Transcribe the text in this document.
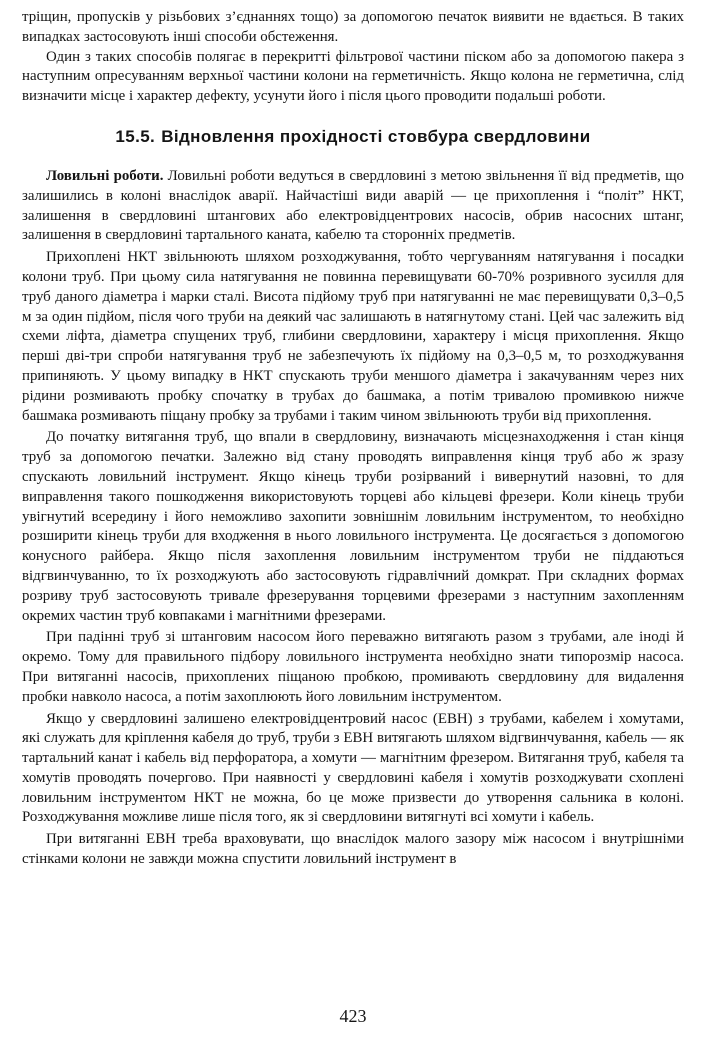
тріщин, пропусків у різьбових з’єднаннях тощо) за допомогою печаток виявити не вдається. В таких випадках застосовують інші способи обстеження.

Один з таких способів полягає в перекритті фільтрової частини піском або за допомогою пакера з наступним опресуванням верхньої частини колони на герметичність. Якщо колона не герметична, слід визначити місце і характер дефекту, усунути його і після цього проводити подальші роботи.

15.5. Відновлення прохідності стовбура свердловини

Ловильні роботи. Ловильні роботи ведуться в свердловині з метою звільнення її від предметів, що залишились в колоні внаслідок аварії. Найчастіші види аварій — це прихоплення і “політ” НКТ, залишення в свердловині штангових або електровідцентрових насосів, обрив насосних штанг, залишення в свердловині тартального каната, кабелю та сторонніх предметів.

Прихоплені НКТ звільнюють шляхом розходжування, тобто чергуванням натягування і посадки колони труб. При цьому сила натягування не повинна перевищувати 60-70% розривного зусилля для труб даного діаметра і марки сталі. Висота підйому труб при натягуванні не має перевищувати 0,3–0,5 м за один підйом, після чого труби на деякий час залишають в натягнутому стані. Цей час залежить від схеми ліфта, діаметра спущених труб, глибини свердловини, характеру і місця прихоплення. Якщо перші дві-три спроби натягування труб не забезпечують їх підйому на 0,3–0,5 м, то розходжування припиняють. У цьому випадку в НКТ спускають труби меншого діаметра і закачуванням через них рідини розмивають пробку спочатку в трубах до башмака, а потім тривалою промивкою нижче башмака розмивають піщану пробку за трубами і таким чином звільнюють труби від прихоплення.

До початку витягання труб, що впали в свердловину, визначають місцезнаходження і стан кінця труб за допомогою печатки. Залежно від стану проводять виправлення кінця труб або ж зразу спускають ловильний інструмент. Якщо кінець труби розірваний і вивернутий назовні, то для виправлення такого пошкодження використовують торцеві або кільцеві фрезери. Коли кінець труби увігнутий всередину і його неможливо захопити зовнішнім ловильним інструментом, то необхідно розширити кінець труби для входження в нього ловильного інструмента. Це досягається з допомогою конусного райбера. Якщо після захоплення ловильним інструментом труби не піддаються відгвинчуванню, то їх розходжують або застосовують гідравлічний домкрат. При складних формах розриву труб застосовують тривале фрезерування торцевими фрезерами з наступним захопленням окремих частин труб ковпаками і магнітними фрезерами.

При падінні труб зі штанговим насосом його переважно витягають разом з трубами, але іноді й окремо. Тому для правильного підбору ловильного інструмента необхідно знати типорозмір насоса. При витяганні насосів, прихоплених піщаною пробкою, промивають свердловину для видалення пробки навколо насоса, а потім захоплюють його ловильним інструментом.

Якщо у свердловині залишено електровідцентровий насос (ЕВН) з трубами, кабелем і хомутами, які служать для кріплення кабеля до труб, труби з ЕВН витягають шляхом відгвинчування, кабель — як тартальний канат і кабель від перфоратора, а хомути — магнітним фрезером. Витягання труб, кабеля та хомутів проводять почергово. При наявності у свердловині кабеля і хомутів розходжувати схоплені ловильним інструментом НКТ не можна, бо це може призвести до утворення сальника в колоні. Розходжування можливе лише після того, як зі свердловини витягнуті всі хомути і кабель.

При витяганні ЕВН треба враховувати, що внаслідок малого зазору між насосом і внутрішніми стінками колони не завжди можна спустити ловильний інструмент в

423
